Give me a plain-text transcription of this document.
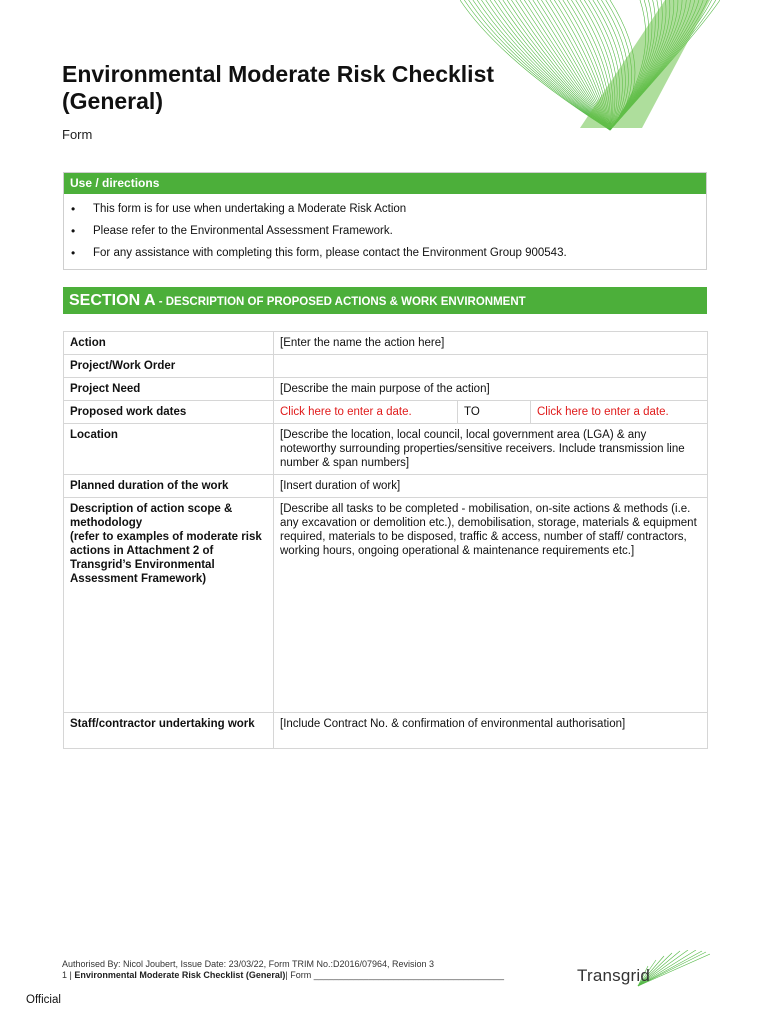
Environmental Moderate Risk Checklist (General)
Form
Use / directions
• This form is for use when undertaking a Moderate Risk Action
• Please refer to the Environmental Assessment Framework.
• For any assistance with completing this form, please contact the Environment Group 900543.
SECTION A - DESCRIPTION OF PROPOSED ACTIONS & WORK ENVIRONMENT
Action	[Enter the name the action here]		
Project/Work Order			
Project Need	[Describe the main purpose of the action]		
Proposed work dates	Click here to enter a date.	TO	Click here to enter a date.
Location	[Describe the location, local council, local government area (LGA) & any noteworthy surrounding properties/sensitive receivers. Include transmission line number & span numbers]		
Planned duration of the work	[Insert duration of work]		

Description of action scope & methodology
(refer to examples of moderate risk actions in Attachment 2 of Transgrid’s Environmental Assessment Framework)	[Describe all tasks to be completed - mobilisation, on-site actions & methods (i.e. any excavation or demolition etc.), demobilisation, storage, materials & equipment required, materials to be disposed, traffic & access, number of staff/ contractors, working hours, ongoing operational & maintenance requirements etc.]		
Staff/contractor undertaking work	[Include Contract No. & confirmation of environmental authorisation]		
Authorised By: Nicol Joubert, Issue Date: 23/03/22, Form TRIM No.:D2016/07964, Revision 3
1 | Environmental Moderate Risk Checklist (General)| Form ______________________________________	Transgrid
Official
